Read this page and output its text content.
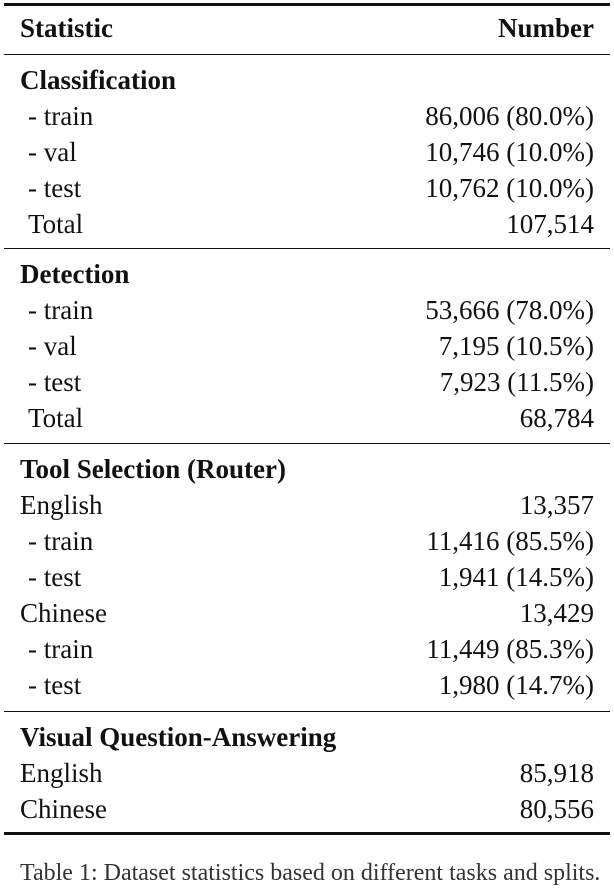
Statistic	Number
Classification
- train	86,006 (80.0%)
- val	10,746 (10.0%)
- test	10,762 (10.0%)
Total	107,514
Detection
- train	53,666 (78.0%)
- val	7,195 (10.5%)
- test	7,923 (11.5%)
Total	68,784
Tool Selection (Router)
English	13,357
- train	11,416 (85.5%)
- test	1,941 (14.5%)
Chinese	13,429
- train	11,449 (85.3%)
- test	1,980 (14.7%)
Visual Question-Answering
English	85,918
Chinese	80,556
Table 1: Dataset statistics based on different tasks and splits.
